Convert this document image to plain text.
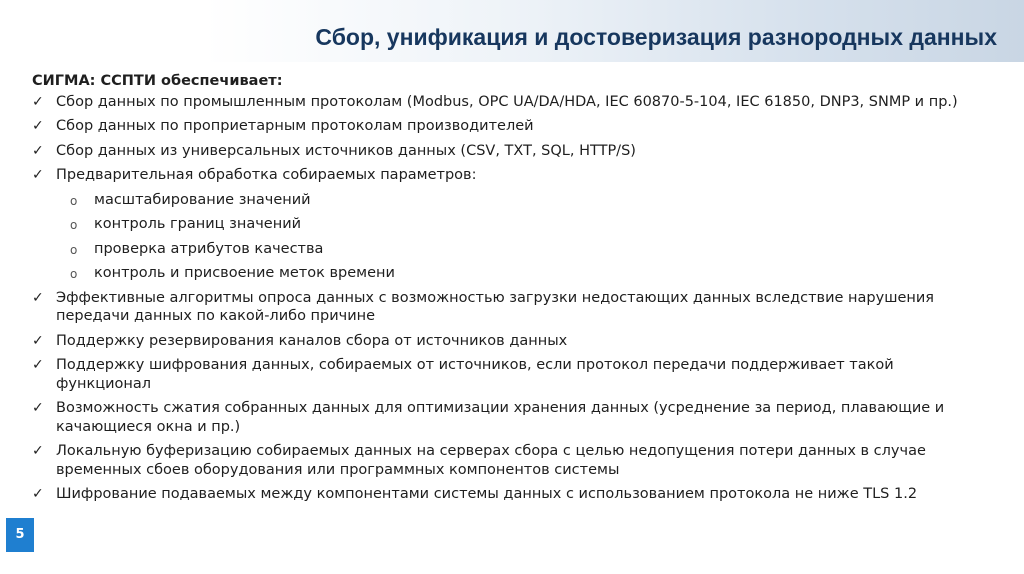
Сбор, унификация и достоверизация разнородных данных
СИГМА: ССПТИ обеспечивает:
✓ Сбор данных по промышленным протоколам (Modbus, OPC UA/DA/HDA, IEC 60870-5-104, IEC 61850, DNP3, SNMP и пр.)
✓ Сбор данных по проприетарным протоколам производителей
✓ Сбор данных из универсальных источников данных (CSV, TXT, SQL, HTTP/S)
✓ Предварительная обработка собираемых параметров:
o масштабирование значений
o контроль границ значений
o проверка атрибутов качества
o контроль и присвоение меток времени
✓ Эффективные алгоритмы опроса данных с возможностью загрузки недостающих данных вследствие нарушения передачи данных по какой-либо причине
✓ Поддержку резервирования каналов сбора от источников данных
✓ Поддержку шифрования данных, собираемых от источников, если протокол передачи поддерживает такой функционал
✓ Возможность сжатия собранных данных для оптимизации хранения данных (усреднение за период, плавающие и качающиеся окна и пр.)
✓ Локальную буферизацию собираемых данных на серверах сбора с целью недопущения потери данных в случае временных сбоев оборудования или программных компонентов системы
✓ Шифрование подаваемых между компонентами системы данных с использованием протокола не ниже TLS 1.2
5
